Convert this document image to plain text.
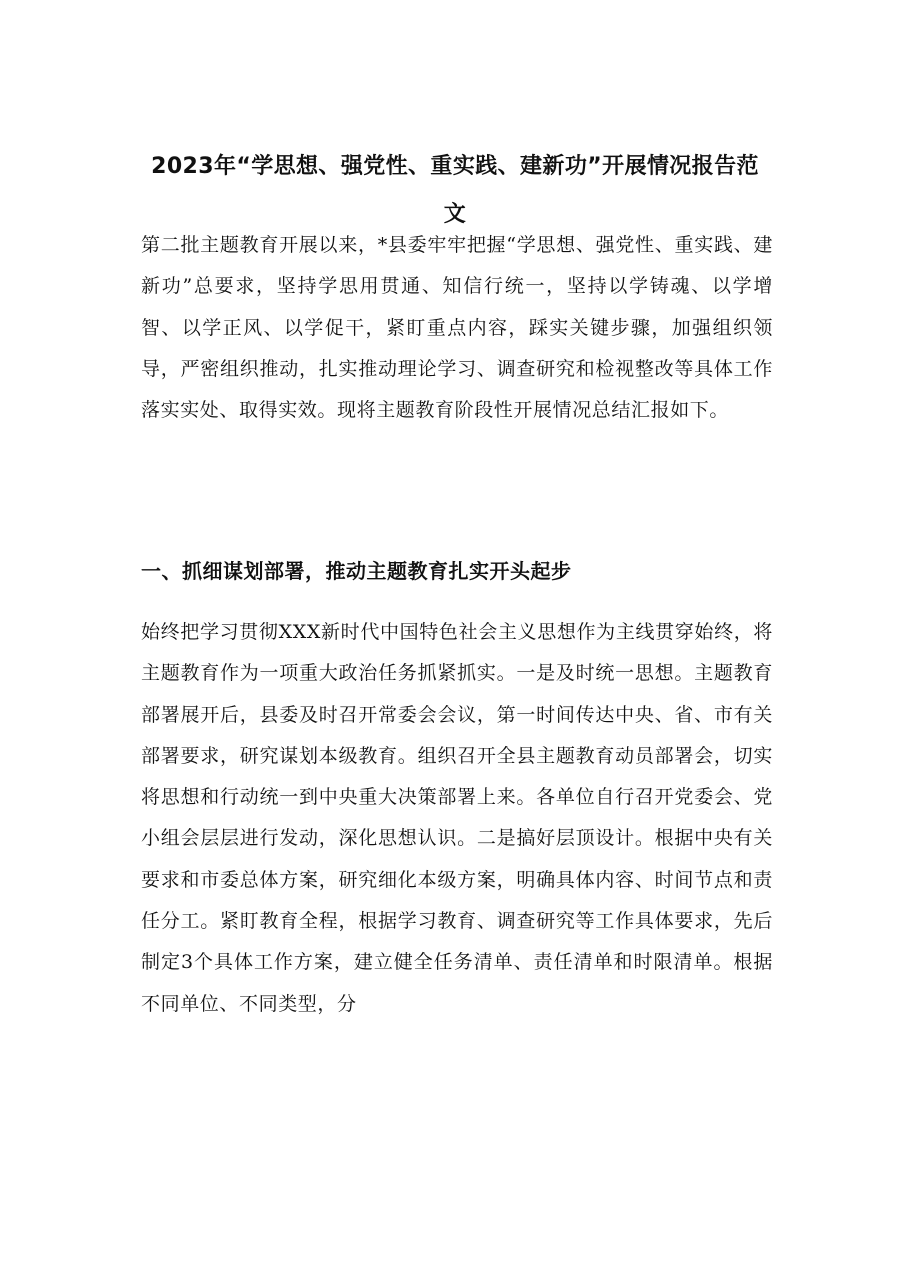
2023年“学思想、强党性、重实践、建新功”开展情况报告范文

第二批主题教育开展以来，*县委牢牢把握“学思想、强党性、重实践、建新功”总要求，坚持学思用贯通、知信行统一，坚持以学铸魂、以学增智、以学正风、以学促干，紧盯重点内容，踩实关键步骤，加强组织领导，严密组织推动，扎实推动理论学习、调查研究和检视整改等具体工作落实实处、取得实效。现将主题教育阶段性开展情况总结汇报如下。

一、抓细谋划部署，推动主题教育扎实开头起步

始终把学习贯彻XXX新时代中国特色社会主义思想作为主线贯穿始终，将主题教育作为一项重大政治任务抓紧抓实。一是及时统一思想。主题教育部署展开后，县委及时召开常委会会议，第一时间传达中央、省、市有关部署要求，研究谋划本级教育。组织召开全县主题教育动员部署会，切实将思想和行动统一到中央重大决策部署上来。各单位自行召开党委会、党小组会层层进行发动，深化思想认识。二是搞好层顶设计。根据中央有关要求和市委总体方案，研究细化本级方案，明确具体内容、时间节点和责任分工。紧盯教育全程，根据学习教育、调查研究等工作具体要求，先后制定3个具体工作方案，建立健全任务清单、责任清单和时限清单。根据不同单位、不同类型，分
